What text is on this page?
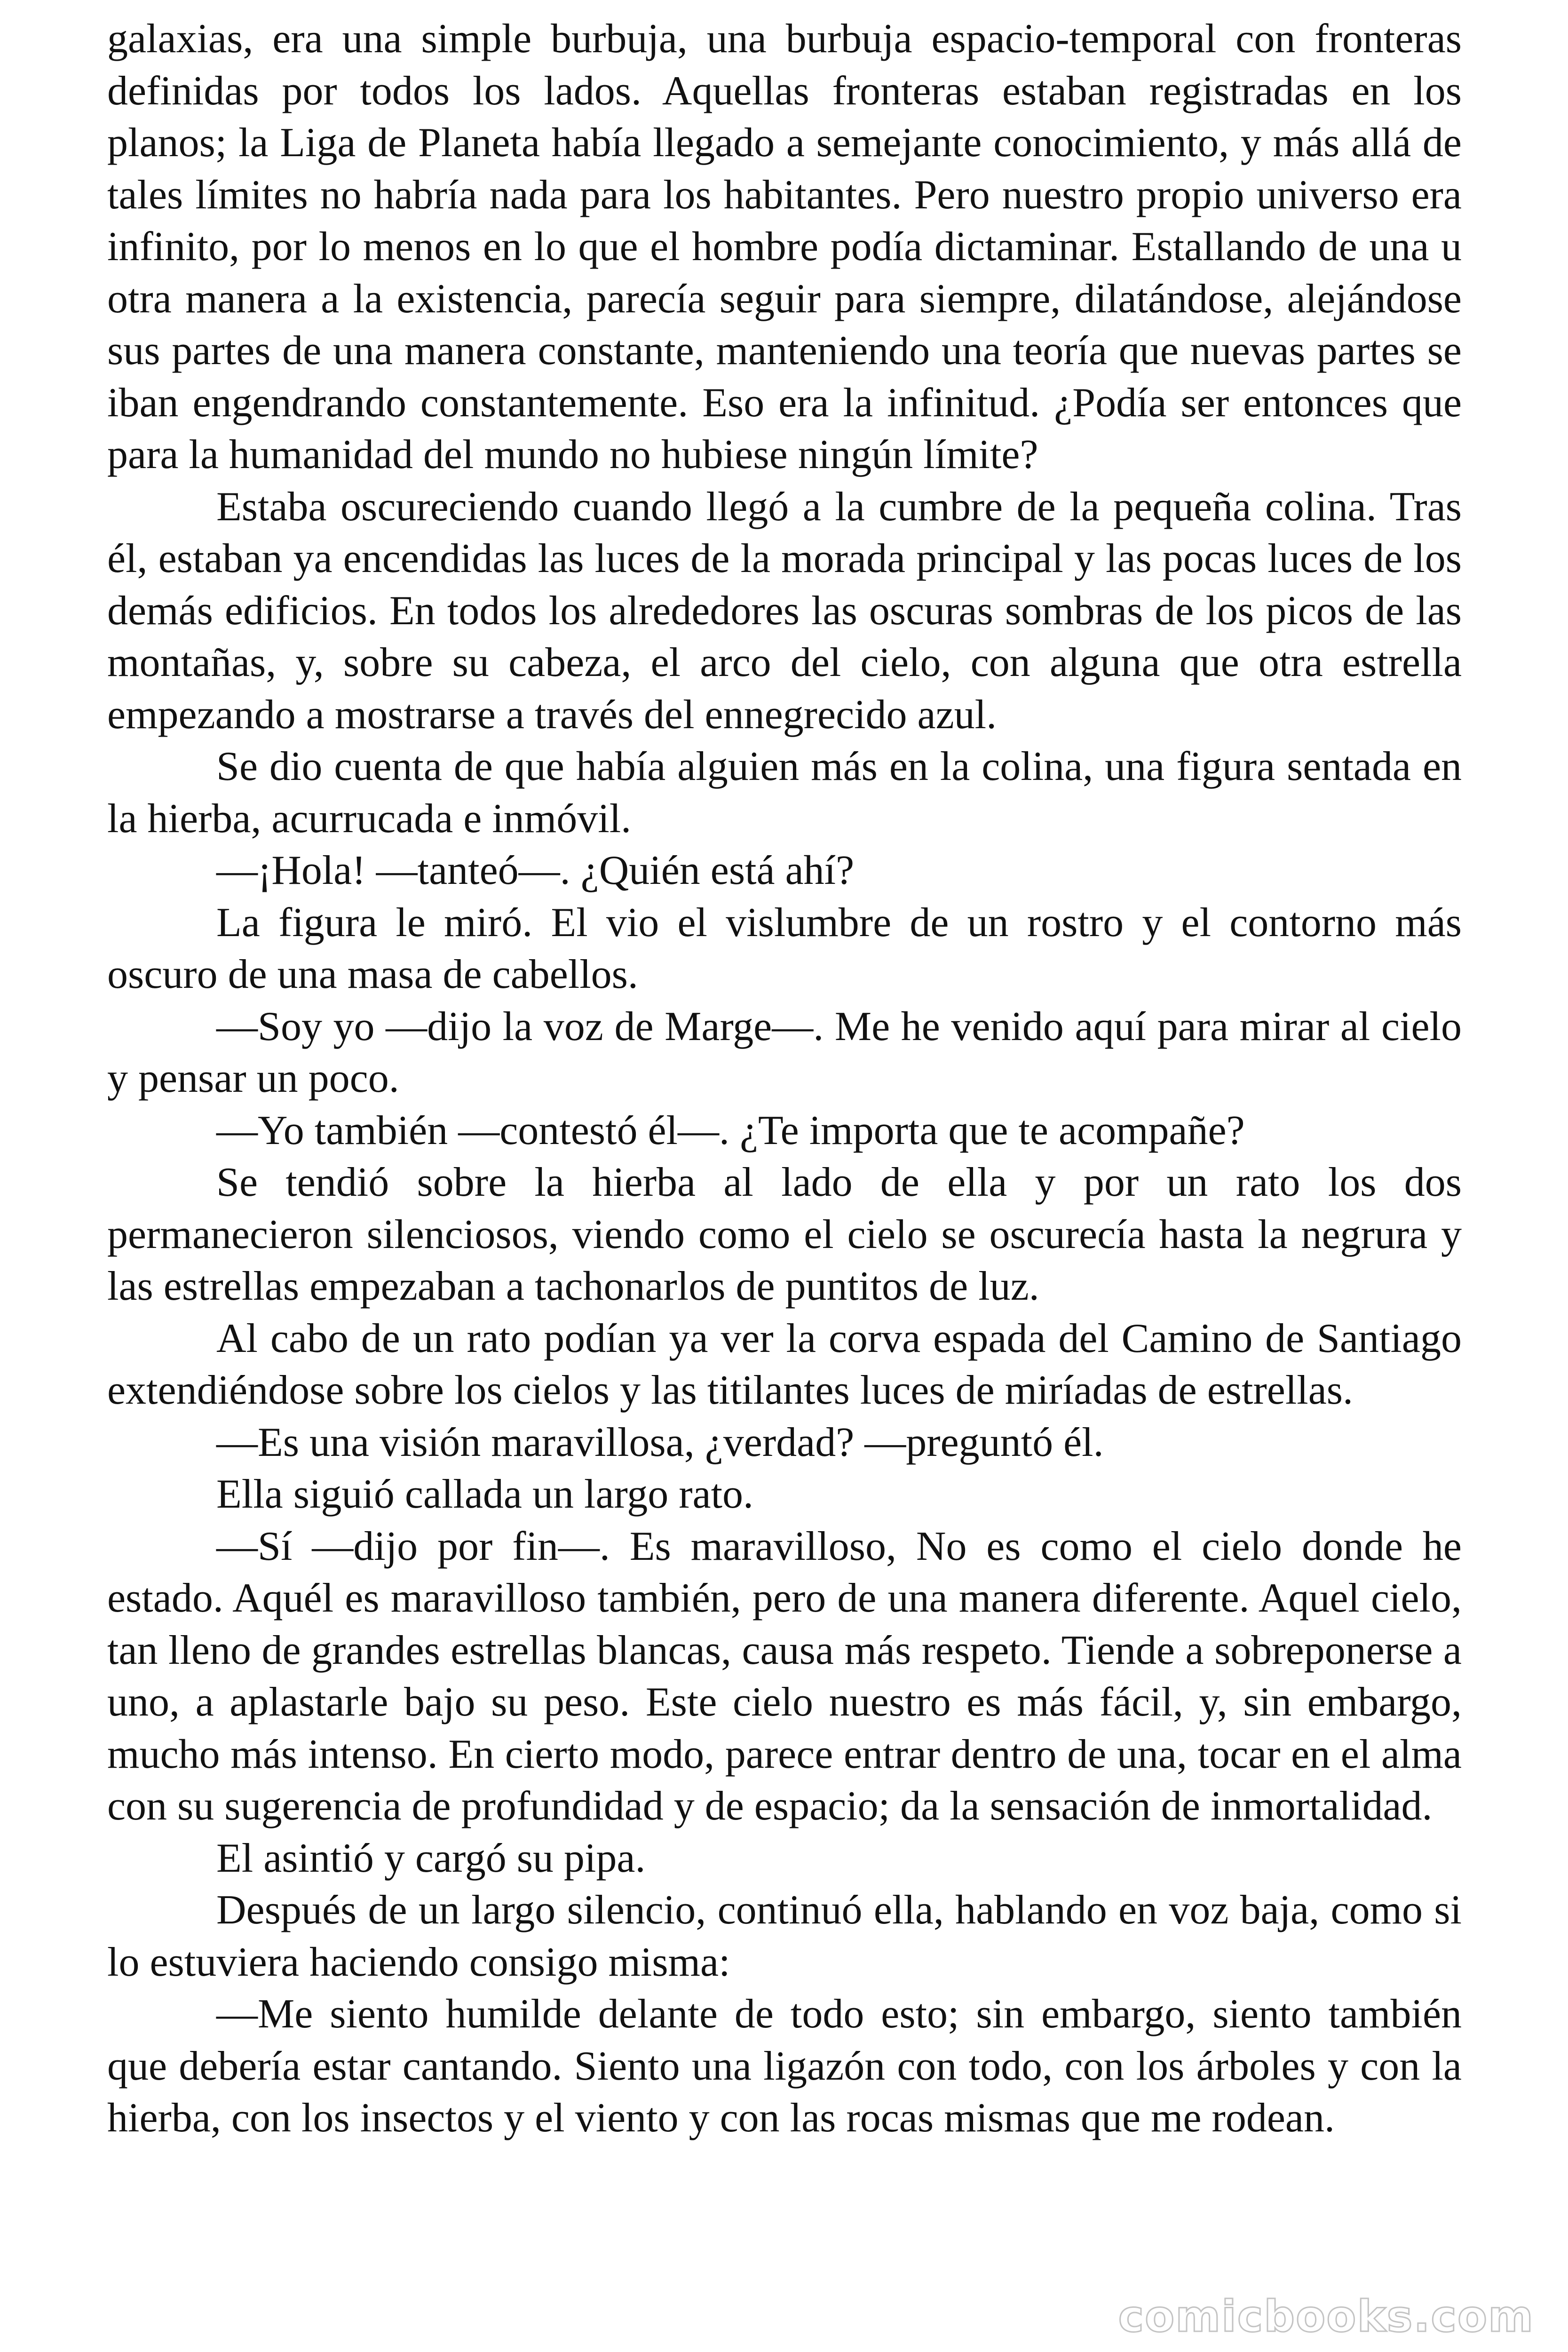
galaxias, era una simple burbuja, una burbuja espacio-temporal con fronteras definidas por todos los lados. Aquellas fronteras estaban registradas en los planos; la Liga de Planeta había llegado a semejante conocimiento, y más allá de tales límites no habría nada para los habitantes. Pero nuestro propio universo era infinito, por lo menos en lo que el hombre podía dictaminar. Estallando de una u otra manera a la existencia, parecía seguir para siempre, dilatándose, alejándose sus partes de una manera constante, manteniendo una teoría que nuevas partes se iban engendrando constantemente. Eso era la infinitud. ¿Podía ser entonces que para la humanidad del mundo no hubiese ningún límite?

Estaba oscureciendo cuando llegó a la cumbre de la pequeña colina. Tras él, estaban ya encendidas las luces de la morada principal y las pocas luces de los demás edificios. En todos los alrededores las oscuras sombras de los picos de las montañas, y, sobre su cabeza, el arco del cielo, con alguna que otra estrella empezando a mostrarse a través del ennegrecido azul.

Se dio cuenta de que había alguien más en la colina, una figura sentada en la hierba, acurrucada e inmóvil.

—¡Hola! —tanteó—. ¿Quién está ahí?

La figura le miró. El vio el vislumbre de un rostro y el contorno más oscuro de una masa de cabellos.

—Soy yo —dijo la voz de Marge—. Me he venido aquí para mirar al cielo y pensar un poco.

—Yo también —contestó él—. ¿Te importa que te acompañe?

Se tendió sobre la hierba al lado de ella y por un rato los dos permanecieron silenciosos, viendo como el cielo se oscurecía hasta la negrura y las estrellas empezaban a tachonarlos de puntitos de luz.

Al cabo de un rato podían ya ver la corva espada del Camino de Santiago extendiéndose sobre los cielos y las titilantes luces de miríadas de estrellas.

—Es una visión maravillosa, ¿verdad? —preguntó él.

Ella siguió callada un largo rato.

—Sí —dijo por fin—. Es maravilloso, No es como el cielo donde he estado. Aquél es maravilloso también, pero de una manera diferente. Aquel cielo, tan lleno de grandes estrellas blancas, causa más respeto. Tiende a sobreponerse a uno, a aplastarle bajo su peso. Este cielo nuestro es más fácil, y, sin embargo, mucho más intenso. En cierto modo, parece entrar dentro de una, tocar en el alma con su sugerencia de profundidad y de espacio; da la sensación de inmortalidad.

El asintió y cargó su pipa.

Después de un largo silencio, continuó ella, hablando en voz baja, como si lo estuviera haciendo consigo misma:

—Me siento humilde delante de todo esto; sin embargo, siento también que debería estar cantando. Siento una ligazón con todo, con los árboles y con la hierba, con los insectos y el viento y con las rocas mismas que me rodean.

comicbooks.com
